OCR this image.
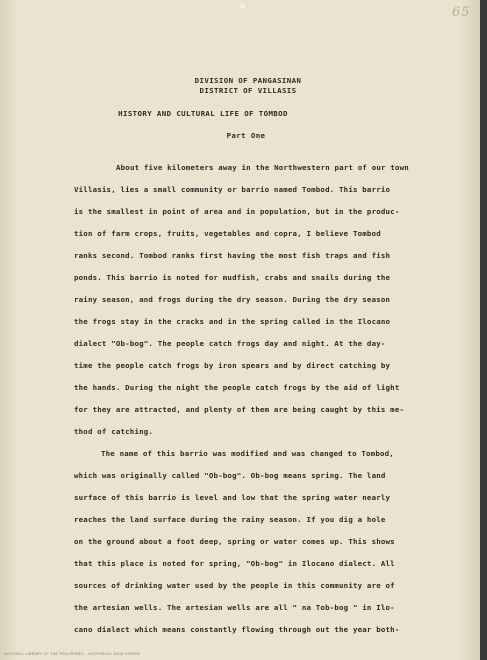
65
DIVISION OF PANGASINAN
DISTRICT OF VILLASIS
HISTORY AND CULTURAL LIFE OF TOMBOD
Part One
About five kilometers away in the Northwestern part of our town
Villasis, lies a small community or barrio named Tombod. This barrio
is the smallest in point of area and in population, but in the produc-
tion of farm crops, fruits, vegetables and copra, I believe Tombod
ranks second. Tombod ranks first having the most fish traps and fish
ponds. This barrio is noted for mudfish, crabs and snails during the
rainy season, and frogs during the dry season. During the dry season
the frogs stay in the cracks and in the spring called in the Ilocano
dialect "Ob-bog". The people catch frogs day and night. At the day-
time the people catch frogs by iron spears and by direct catching by
the hands. During the night the people catch frogs by the aid of light
for they are attracted, and plenty of them are being caught by this me-
thod of catching.
The name of this barrio was modified and was changed to Tombod,
which was originally called "Ob-bog". Ob-bog means spring. The land
surface of this barrio is level and low that the spring water nearly
reaches the land surface during the rainy season. If you dig a hole
on the ground about a foot deep, spring or water comes up. This shows
that this place is noted for spring, "Ob-bog" in Ilocano dialect. All
sources of drinking water used by the people in this community are of
the artesian wells. The artesian wells are all " na Tob-bog " in Ilo-
cano dialect which means constantly flowing through out the year both-
NATIONAL LIBRARY OF THE PHILIPPINES - HISTORICAL DATA PAPERS
